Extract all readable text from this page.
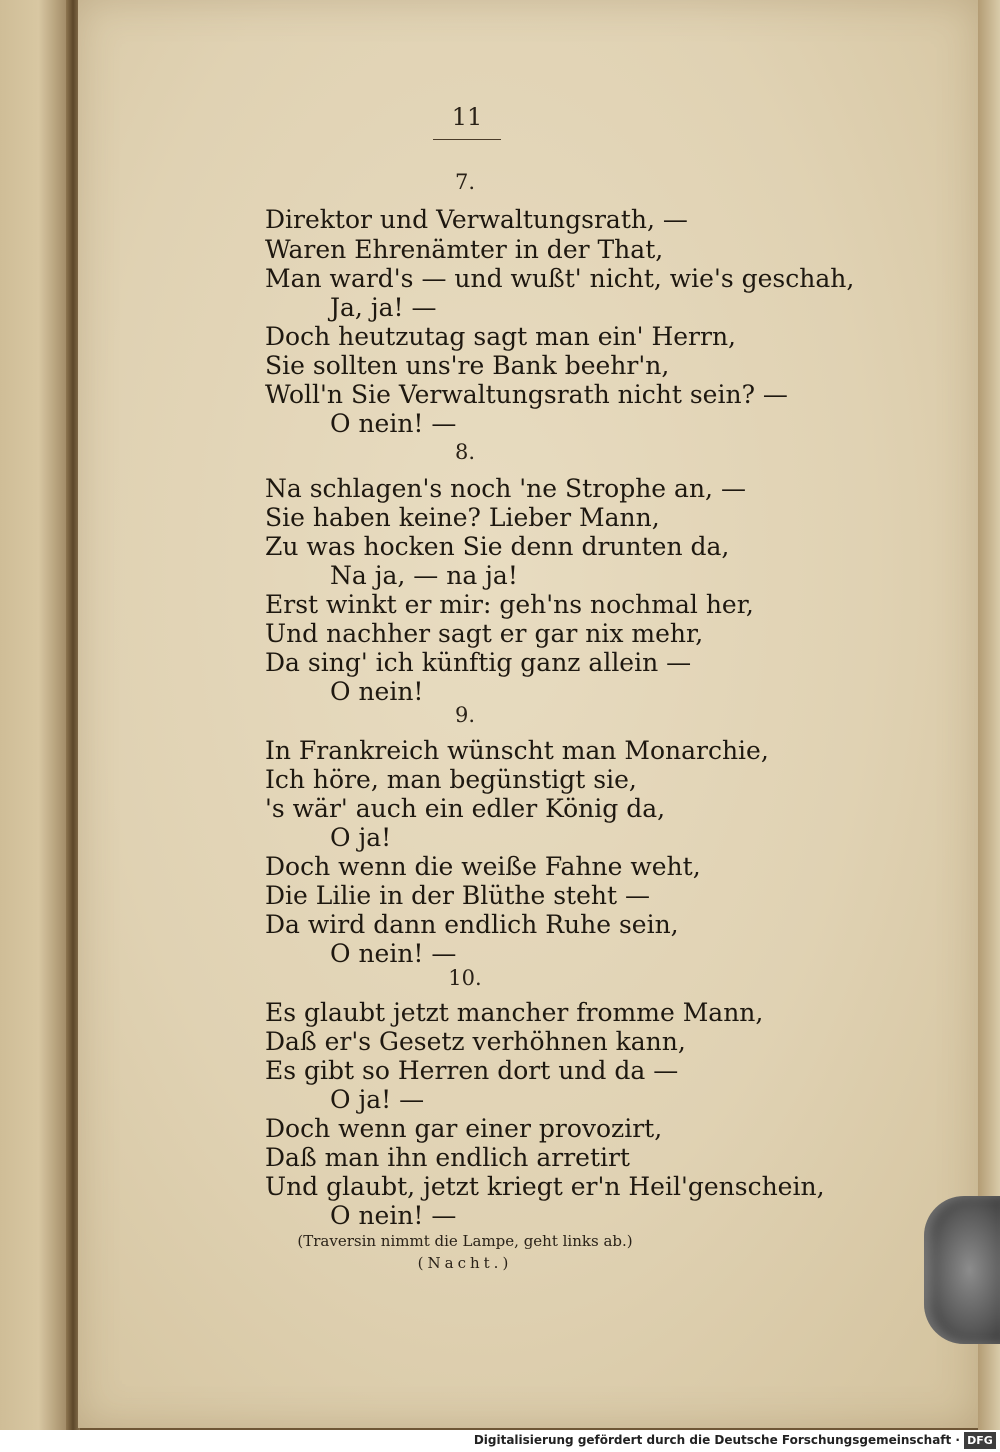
11
7.
Direktor und Verwaltungsrath, —
Waren Ehrenämter in der That,
Man ward's — und wußt' nicht, wie's geschah,
Ja, ja! —
Doch heutzutag sagt man ein' Herrn,
Sie sollten uns're Bank beehr'n,
Woll'n Sie Verwaltungsrath nicht sein? —
O nein! —
8.
Na schlagen's noch 'ne Strophe an, —
Sie haben keine? Lieber Mann,
Zu was hocken Sie denn drunten da,
Na ja, — na ja!
Erst winkt er mir: geh'ns nochmal her,
Und nachher sagt er gar nix mehr,
Da sing' ich künftig ganz allein —
O nein!
9.
In Frankreich wünscht man Monarchie,
Ich höre, man begünstigt sie,
's wär' auch ein edler König da,
O ja!
Doch wenn die weiße Fahne weht,
Die Lilie in der Blüthe steht —
Da wird dann endlich Ruhe sein,
O nein! —
10.
Es glaubt jetzt mancher fromme Mann,
Daß er's Gesetz verhöhnen kann,
Es gibt so Herren dort und da —
O ja! —
Doch wenn gar einer provozirt,
Daß man ihn endlich arretirt
Und glaubt, jetzt kriegt er'n Heil'genschein,
O nein! —
(Traversin nimmt die Lampe, geht links ab.)
(Nacht.)
Digitalisierung gefördert durch die Deutsche Forschungsgemeinschaft · DFG
